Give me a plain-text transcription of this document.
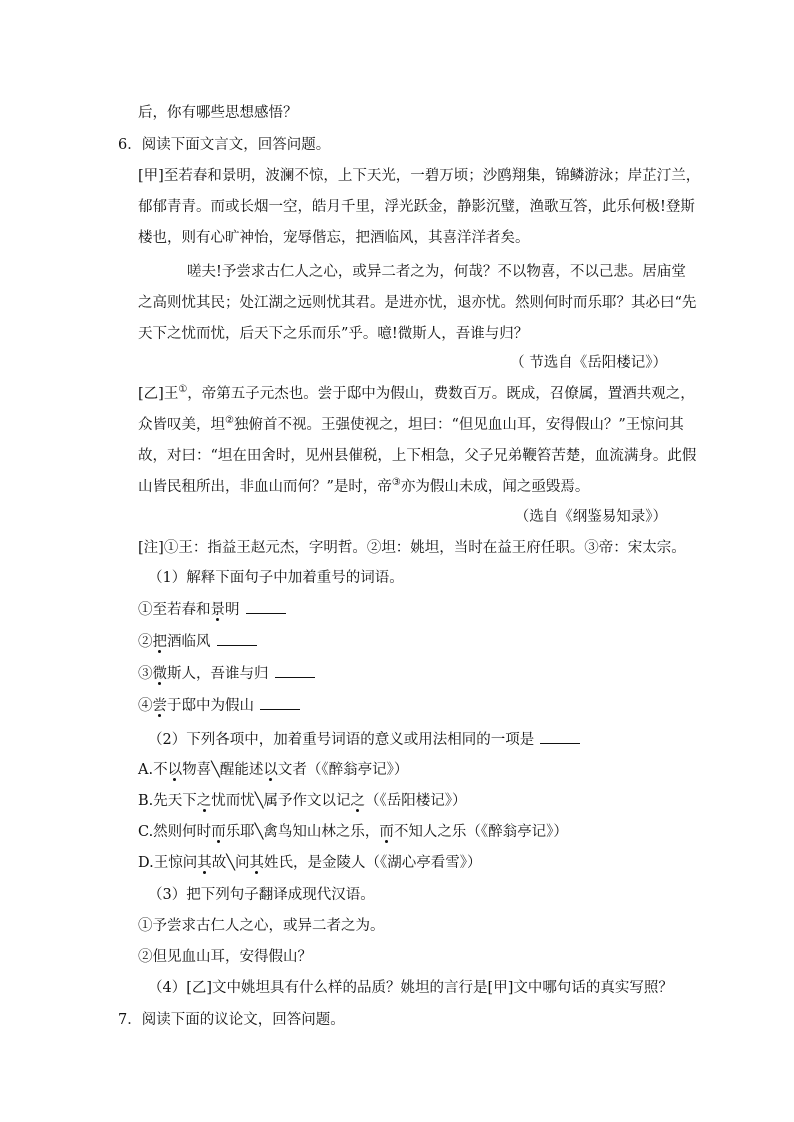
后，你有哪些思想感悟？
6．阅读下面文言文，回答问题。
[甲]至若春和景明，波澜不惊，上下天光，一碧万顷；沙鸥翔集，锦鳞游泳；岸芷汀兰，
郁郁青青。而或长烟一空，皓月千里，浮光跃金，静影沉璧，渔歌互答，此乐何极!登斯
楼也，则有心旷神怡，宠辱偕忘，把酒临风，其喜洋洋者矣。
嗟夫!予尝求古仁人之心，或异二者之为，何哉？不以物喜，不以己悲。居庙堂
之高则忧其民；处江湖之远则忧其君。是进亦忧，退亦忧。然则何时而乐耶？其必曰“先
天下之忧而忧，后天下之乐而乐”乎。噫!微斯人，吾谁与归？
（ 节选自《岳阳楼记》）
[乙]王①，帝第五子元杰也。尝于邸中为假山，费数百万。既成，召僚属，置酒共观之，
众皆叹美，坦②独俯首不视。王强使视之，坦曰：“但见血山耳，安得假山？”王惊问其
故，对曰：“坦在田舍时，见州县催税，上下相急，父子兄弟鞭笞苦楚，血流满身。此假
山皆民租所出，非血山而何？”是时，帝③亦为假山未成，闻之亟毁焉。
（选自《纲鉴易知录》）
[注]①王：指益王赵元杰，字明哲。②坦：姚坦，当时在益王府任职。③帝：宋太宗。
（1）解释下面句子中加着重号的词语。
①至若春和景明
②把酒临风
③微斯人，吾谁与归
④尝于邸中为假山
（2）下列各项中，加着重号词语的意义或用法相同的一项是
A.不以物喜╲醒能述以文者（《醉翁亭记》）
B.先天下之忧而忧╲属予作文以记之（《岳阳楼记》）
C.然则何时而乐耶╲禽鸟知山林之乐，而不知人之乐（《醉翁亭记》）
D.王惊问其故╲问其姓氏，是金陵人（《湖心亭看雪》）
（3）把下列句子翻译成现代汉语。
①予尝求古仁人之心，或异二者之为。
②但见血山耳，安得假山？
（4）[乙]文中姚坦具有什么样的品质？姚坦的言行是[甲]文中哪句话的真实写照？
7．阅读下面的议论文，回答问题。
